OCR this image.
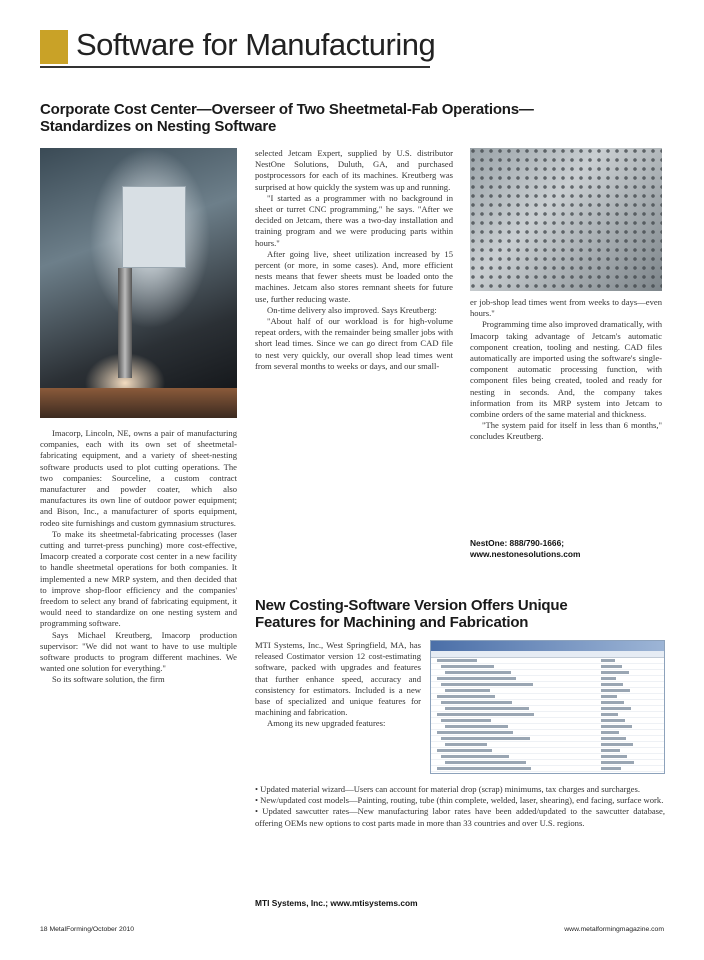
Software for Manufacturing
Corporate Cost Center—Overseer of Two Sheetmetal-Fab Operations—
Standardizes on Nesting Software

Imacorp, Lincoln, NE, owns a pair of manufacturing companies, each with its own set of sheetmetal-fabricating equipment, and a variety of sheet-nesting software products used to plot cutting operations. The two companies: Sourceline, a custom contract manufacturer and powder coater, which also manufactures its own line of outdoor power equipment; and Bison, Inc., a manufacturer of sports equipment, rodeo site furnishings and custom gymnasium structures.

To make its sheetmetal-fabricating processes (laser cutting and turret-press punching) more cost-effective, Imacorp created a corporate cost center in a new facility to handle sheetmetal operations for both companies. It implemented a new MRP system, and then decided that to improve shop-floor efficiency and the companies' freedom to select any brand of fabricating equipment, it would need to standardize on one nesting system and programming software.

Says Michael Kreutberg, Imacorp production supervisor: "We did not want to have to use multiple software products to program different machines. We wanted one solution for everything."

So its software solution, the firm

selected Jetcam Expert, supplied by U.S. distributor NestOne Solutions, Duluth, GA, and purchased postprocessors for each of its machines. Kreutberg was surprised at how quickly the system was up and running.

"I started as a programmer with no background in sheet or turret CNC programming," he says. "After we decided on Jetcam, there was a two-day installation and training program and we were producing parts within hours."

After going live, sheet utilization increased by 15 percent (or more, in some cases). And, more efficient nests means that fewer sheets must be loaded onto the machines. Jetcam also stores remnant sheets for future use, further reducing waste.

On-time delivery also improved. Says Kreutberg:

"About half of our workload is for high-volume repeat orders, with the remainder being smaller jobs with short lead times. Since we can go direct from CAD file to nest very quickly, our overall shop lead times went from several months to weeks or days, and our small-

er job-shop lead times went from weeks to days—even hours."

Programming time also improved dramatically, with Imacorp taking advantage of Jetcam's automatic component creation, tooling and nesting. CAD files automatically are imported using the software's single-component automatic processing function, with component files being created, tooled and ready for nesting in seconds. And, the company takes information from its MRP system into Jetcam to combine orders of the same material and thickness.

"The system paid for itself in less than 6 months," concludes Kreutberg.

NestOne: 888/790-1666;
www.nestonesolutions.com
New Costing-Software Version Offers Unique
Features for Machining and Fabrication

MTI Systems, Inc., West Springfield, MA, has released Costimator version 12 cost-estimating software, packed with upgrades and features that further enhance speed, accuracy and consistency for estimators. Included is a new base of specialized and unique features for machining and fabrication.

Among its new upgraded features:

• Updated material wizard—Users can account for material drop (scrap) minimums, tax charges and surcharges.

• New/updated cost models—Painting, routing, tube (thin complete, welded, laser, shearing), end facing, surface work.

• Updated sawcutter rates—New manufacturing labor rates have been added/updated to the sawcutter database, offering OEMs new options to cost parts made in more than 33 countries and over U.S. regions.

MTI Systems, Inc.; www.mtisystems.com
18 MetalForming/October 2010	www.metalformingmagazine.com
